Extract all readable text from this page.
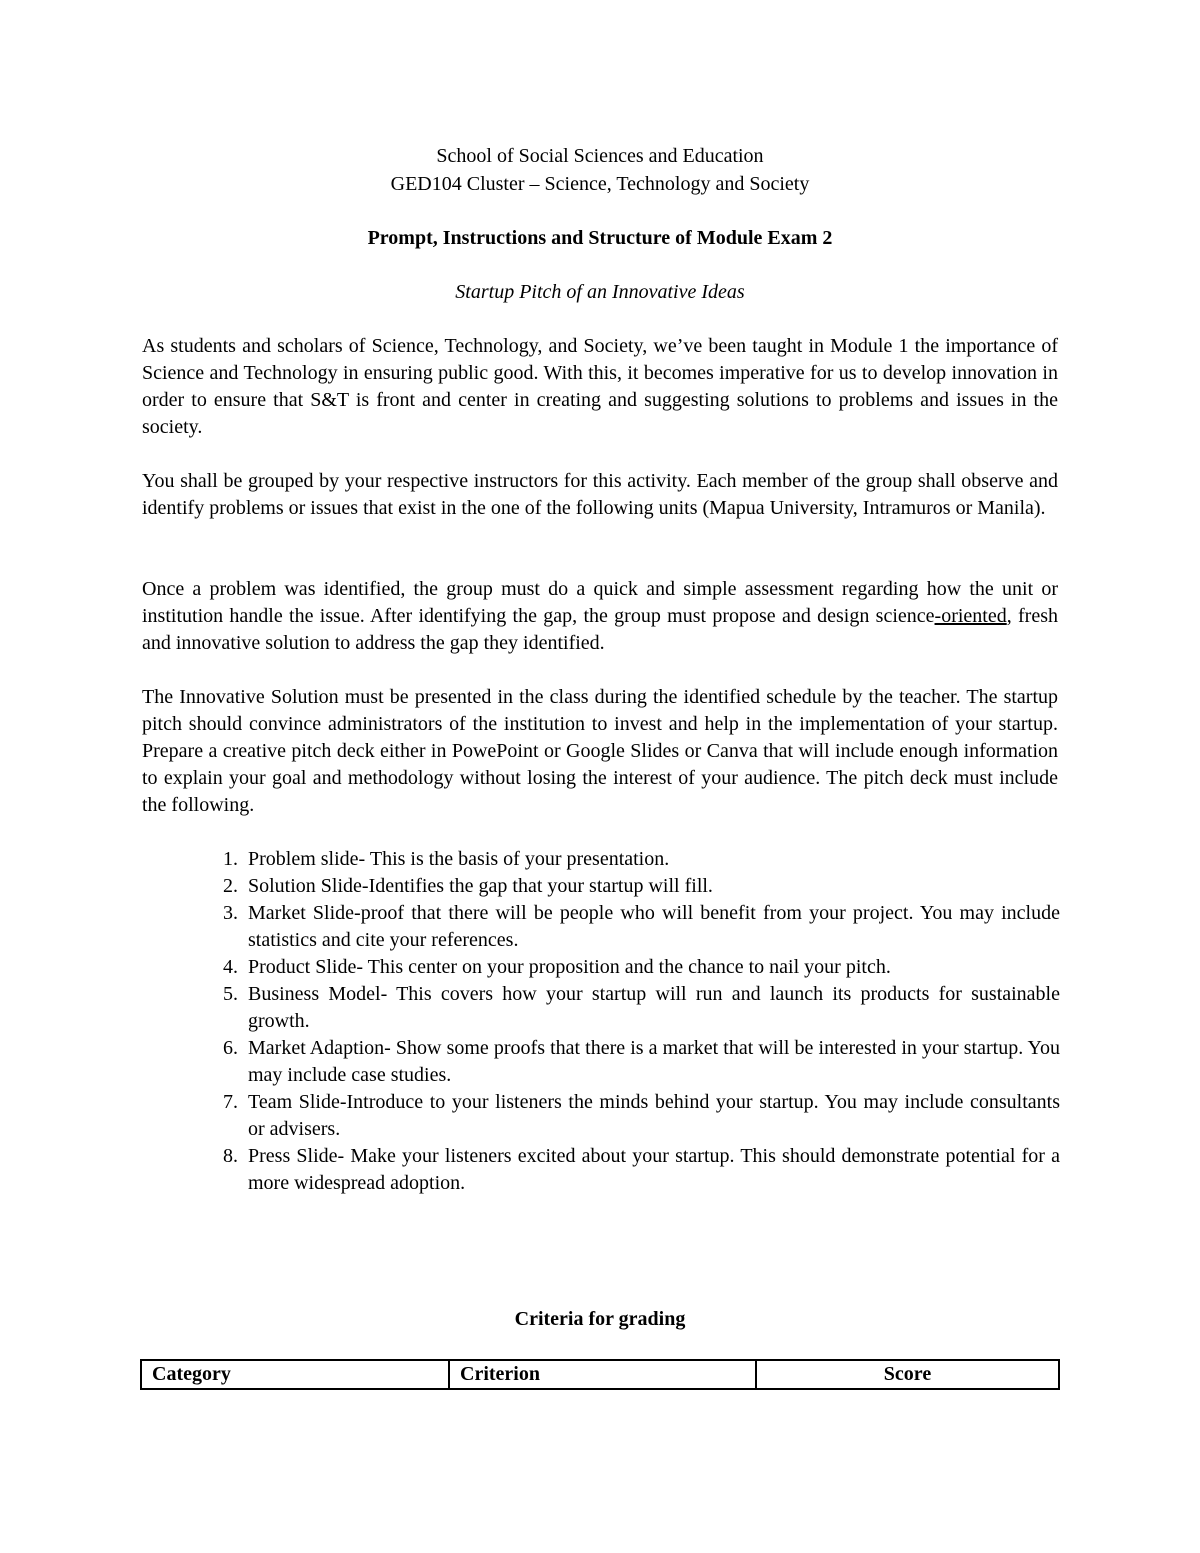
School of Social Sciences and Education
GED104 Cluster – Science, Technology and Society
Prompt, Instructions and Structure of Module Exam 2
Startup Pitch of an Innovative Ideas

As students and scholars of Science, Technology, and Society, we’ve been taught in Module 1 the importance of Science and Technology in ensuring public good. With this, it becomes imperative for us to develop innovation in order to ensure that S&T is front and center in creating and suggesting solutions to problems and issues in the society.

You shall be grouped by your respective instructors for this activity. Each member of the group shall observe and identify problems or issues that exist in the one of the following units (Mapua University, Intramuros or Manila).

Once a problem was identified, the group must do a quick and simple assessment regarding how the unit or institution handle the issue. After identifying the gap, the group must propose and design science-oriented, fresh and innovative solution to address the gap they identified.

The Innovative Solution must be presented in the class during the identified schedule by the teacher. The startup pitch should convince administrators of the institution to invest and help in the implementation of your startup. Prepare a creative pitch deck either in PowePoint or Google Slides or Canva that will include enough information to explain your goal and methodology without losing the interest of your audience. The pitch deck must include the following.

1. Problem slide- This is the basis of your presentation.
2. Solution Slide-Identifies the gap that your startup will fill.
3. Market Slide-proof that there will be people who will benefit from your project. You may include statistics and cite your references.
4. Product Slide- This center on your proposition and the chance to nail your pitch.
5. Business Model- This covers how your startup will run and launch its products for sustainable growth.
6. Market Adaption- Show some proofs that there is a market that will be interested in your startup. You may include case studies.
7. Team Slide-Introduce to your listeners the minds behind your startup. You may include consultants or advisers.
8. Press Slide- Make your listeners excited about your startup. This should demonstrate potential for a more widespread adoption.
Criteria for grading
Category	Criterion	Score
